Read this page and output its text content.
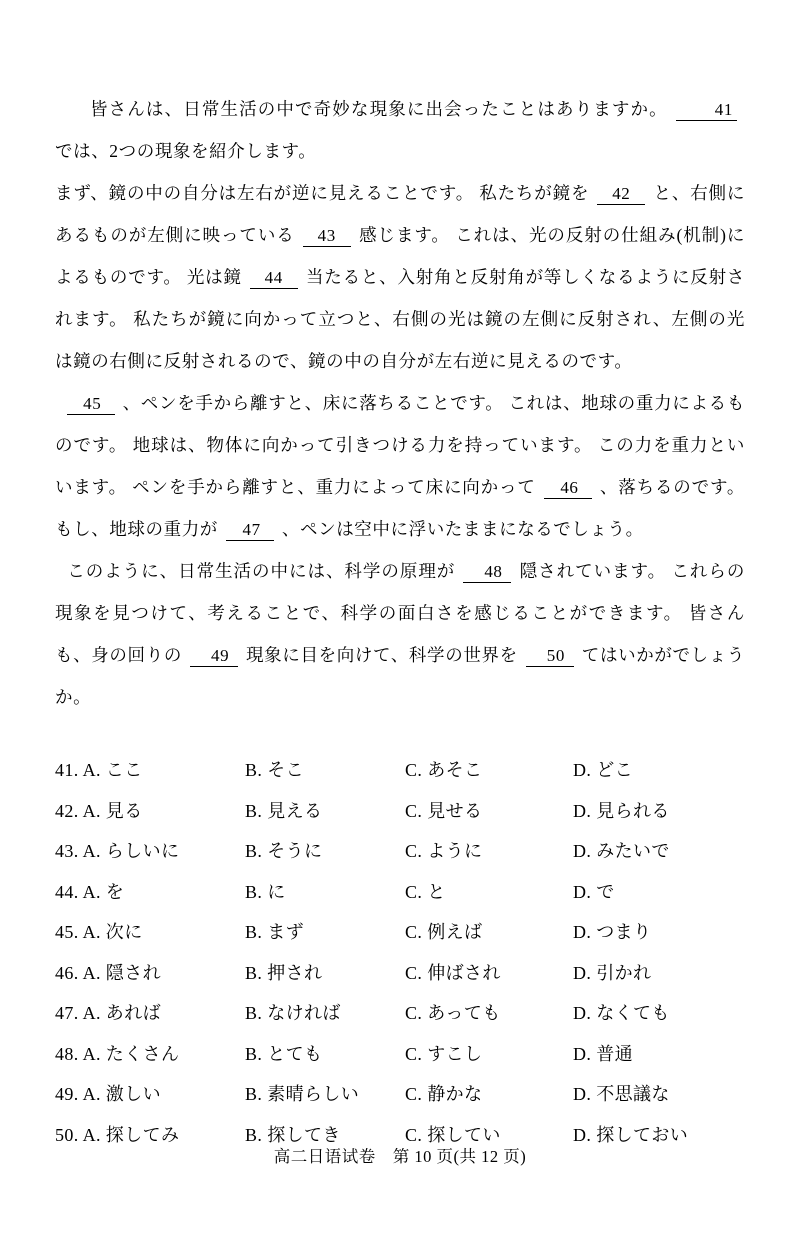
皆さんは、日常生活の中で奇妙な現象に出会ったことはありますか。	41では、2つの現象を紹介します。

まず、鏡の中の自分は左右が逆に見えることです。 私たちが鏡を 42 と、右側にあるものが左側に映っている 43 感じます。 これは、光の反射の仕組み(机制)によるものです。 光は鏡 44 当たると、入射角と反射角が等しくなるように反射されます。 私たちが鏡に向かって立つと、右側の光は鏡の左側に反射され、左側の光は鏡の右側に反射されるので、鏡の中の自分が左右逆に見えるのです。

45 、ペンを手から離すと、床に落ちることです。 これは、地球の重力によるものです。 地球は、物体に向かって引きつける力を持っています。 この力を重力といいます。 ペンを手から離すと、重力によって床に向かって 46 、落ちるのです。 もし、地球の重力が 47 、ペンは空中に浮いたままになるでしょう。

このように、日常生活の中には、科学の原理が 48 隠されています。 これらの現象を見つけて、考えることで、科学の面白さを感じることができます。 皆さんも、身の回りの 49 現象に目を向けて、科学の世界を 50 てはいかがでしょうか。

41. A. ここ	B. そこ	C. あそこ	D. どこ
42. A. 見る	B. 見える	C. 見せる	D. 見られる
43. A. らしいに	B. そうに	C. ように	D. みたいで
44. A. を	B. に	C. と	D. で
45. A. 次に	B. まず	C. 例えば	D. つまり
46. A. 隠され	B. 押され	C. 伸ばされ	D. 引かれ
47. A. あれば	B. なければ	C. あっても	D. なくても
48. A. たくさん	B. とても	C. すこし	D. 普通
49. A. 激しい	B. 素晴らしい	C. 静かな	D. 不思議な
50. A. 探してみ	B. 探してき	C. 探してい	D. 探しておい
高二日语试卷　第 10 页(共 12 页)
